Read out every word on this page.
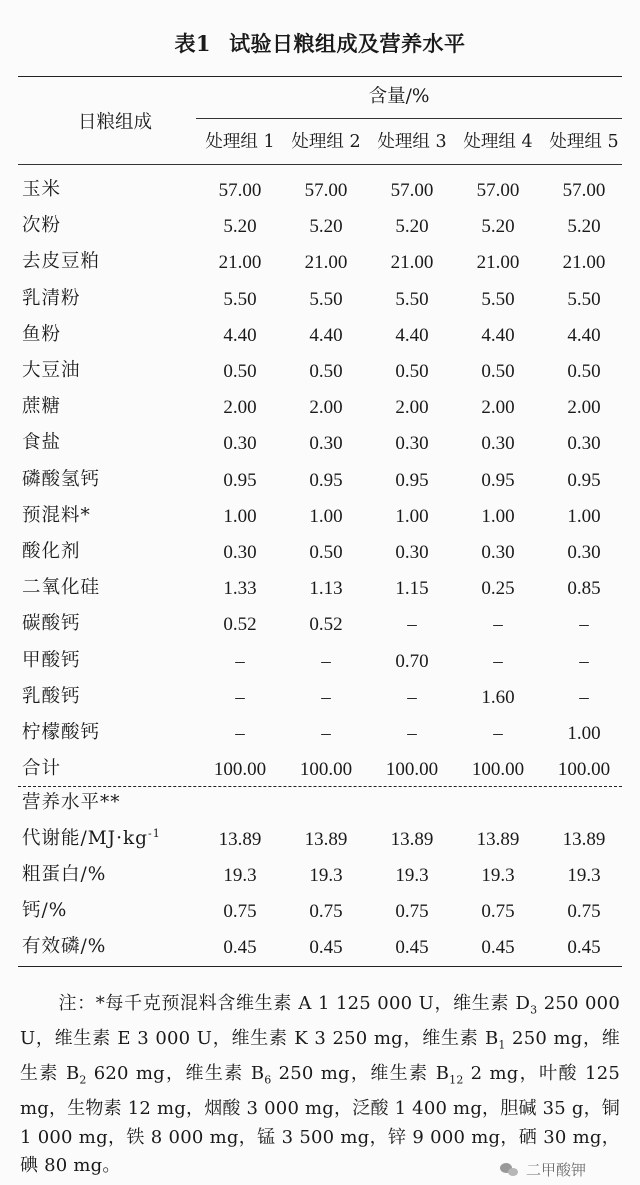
表1 试验日粮组成及营养水平
日粮组成
含量/%
处理组 1 处理组 2 处理组 3 处理组 4 处理组 5
玉米	57.00	57.00	57.00	57.00	57.00
次粉	5.20	5.20	5.20	5.20	5.20
去皮豆粕	21.00	21.00	21.00	21.00	21.00
乳清粉	5.50	5.50	5.50	5.50	5.50
鱼粉	4.40	4.40	4.40	4.40	4.40
大豆油	0.50	0.50	0.50	0.50	0.50
蔗糖	2.00	2.00	2.00	2.00	2.00
食盐	0.30	0.30	0.30	0.30	0.30
磷酸氢钙	0.95	0.95	0.95	0.95	0.95
预混料*	1.00	1.00	1.00	1.00	1.00
酸化剂	0.30	0.50	0.30	0.30	0.30
二氧化硅	1.33	1.13	1.15	0.25	0.85
碳酸钙	0.52	0.52	–	–	–
甲酸钙	–	–	0.70	–	–
乳酸钙	–	–	–	1.60	–
柠檬酸钙	–	–	–	–	1.00
合计	100.00	100.00	100.00	100.00	100.00
营养水平**
代谢能$/MJ\cdot kg^{-1}$	13.89	13.89	13.89	13.89	13.89
粗蛋白/%	19.3	19.3	19.3	19.3	19.3
钙/%	0.75	0.75	0.75	0.75	0.75
有效磷/%	0.45	0.45	0.45	0.45	0.45
注：*每千克预混料含维生素 A 1 125 000 U，维生素 $D_3$ 250 000 U，维生素 E 3 000 U，维生素 K 3 250 mg，维生素 $B_1$ 250 mg，维生素 $B_2$ 620 mg，维生素 $B_6$ 250 mg，维生素 $B_{12}$ 2 mg，叶酸 125 mg，生物素 12 mg，烟酸 3 000 mg，泛酸 1 400 mg，胆碱 35 g，铜 1 000 mg，铁 8 000 mg，锰 3 500 mg，锌 9 000 mg，硒 30 mg，碘 80 mg。	二甲酸钾
